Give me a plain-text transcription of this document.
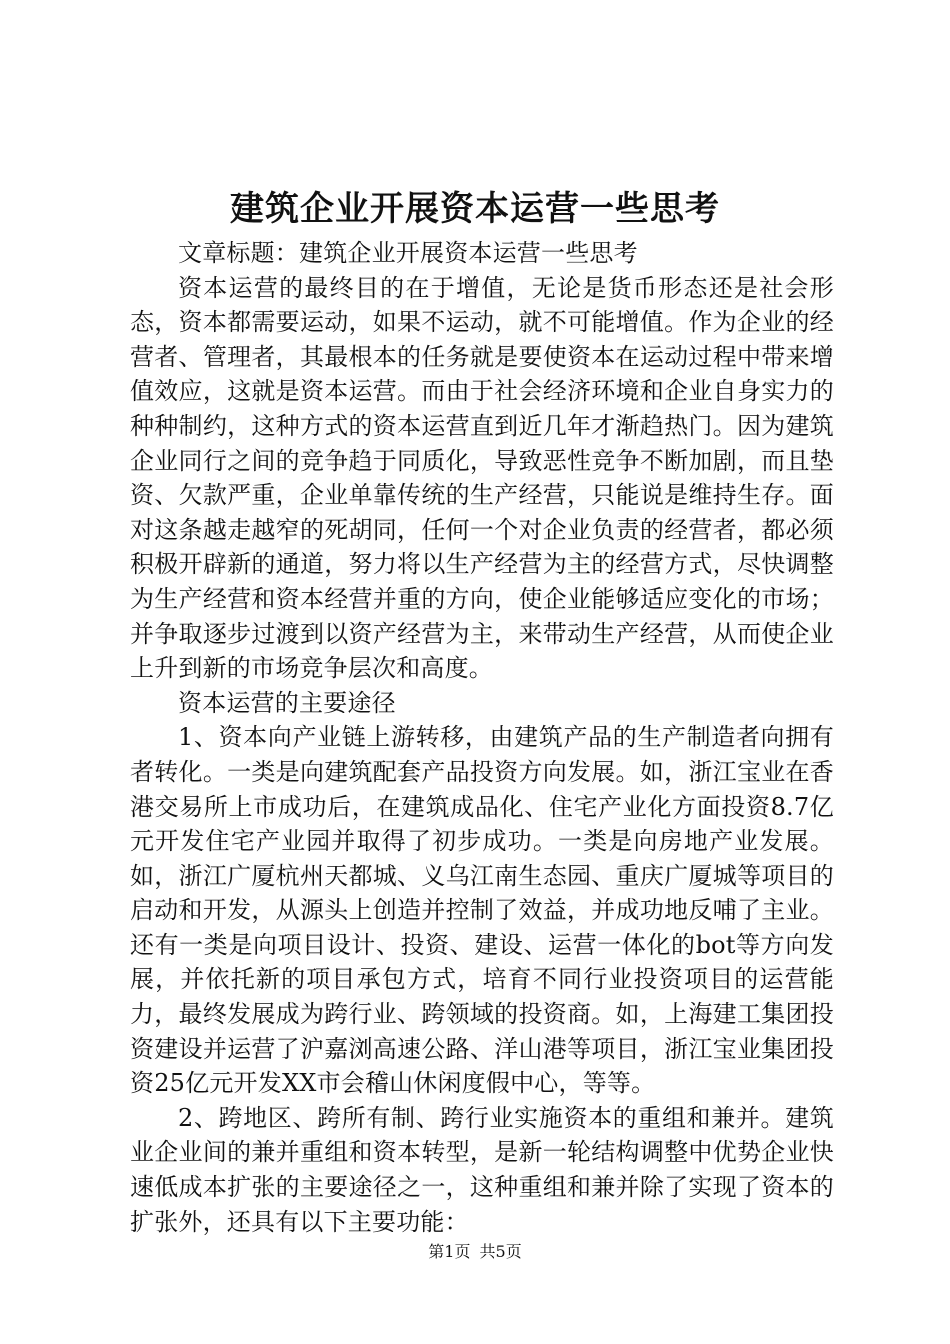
建筑企业开展资本运营一些思考

文章标题：建筑企业开展资本运营一些思考

资本运营的最终目的在于增值，无论是货币形态还是社会形态，资本都需要运动，如果不运动，就不可能增值。作为企业的经营者、管理者，其最根本的任务就是要使资本在运动过程中带来增值效应，这就是资本运营。而由于社会经济环境和企业自身实力的种种制约，这种方式的资本运营直到近几年才渐趋热门。因为建筑企业同行之间的竞争趋于同质化，导致恶性竞争不断加剧，而且垫资、欠款严重，企业单靠传统的生产经营，只能说是维持生存。面对这条越走越窄的死胡同，任何一个对企业负责的经营者，都必须积极开辟新的通道，努力将以生产经营为主的经营方式，尽快调整为生产经营和资本经营并重的方向，使企业能够适应变化的市场；并争取逐步过渡到以资产经营为主，来带动生产经营，从而使企业上升到新的市场竞争层次和高度。

资本运营的主要途径

1、资本向产业链上游转移，由建筑产品的生产制造者向拥有者转化。一类是向建筑配套产品投资方向发展。如，浙江宝业在香港交易所上市成功后，在建筑成品化、住宅产业化方面投资8.7亿元开发住宅产业园并取得了初步成功。一类是向房地产业发展。如，浙江广厦杭州天都城、义乌江南生态园、重庆广厦城等项目的启动和开发，从源头上创造并控制了效益，并成功地反哺了主业。还有一类是向项目设计、投资、建设、运营一体化的bot等方向发展，并依托新的项目承包方式，培育不同行业投资项目的运营能力，最终发展成为跨行业、跨领域的投资商。如，上海建工集团投资建设并运营了沪嘉浏高速公路、洋山港等项目，浙江宝业集团投资25亿元开发XX市会稽山休闲度假中心，等等。

2、跨地区、跨所有制、跨行业实施资本的重组和兼并。建筑业企业间的兼并重组和资本转型，是新一轮结构调整中优势企业快速低成本扩张的主要途径之一，这种重组和兼并除了实现了资本的扩张外，还具有以下主要功能：

第1页 共5页
